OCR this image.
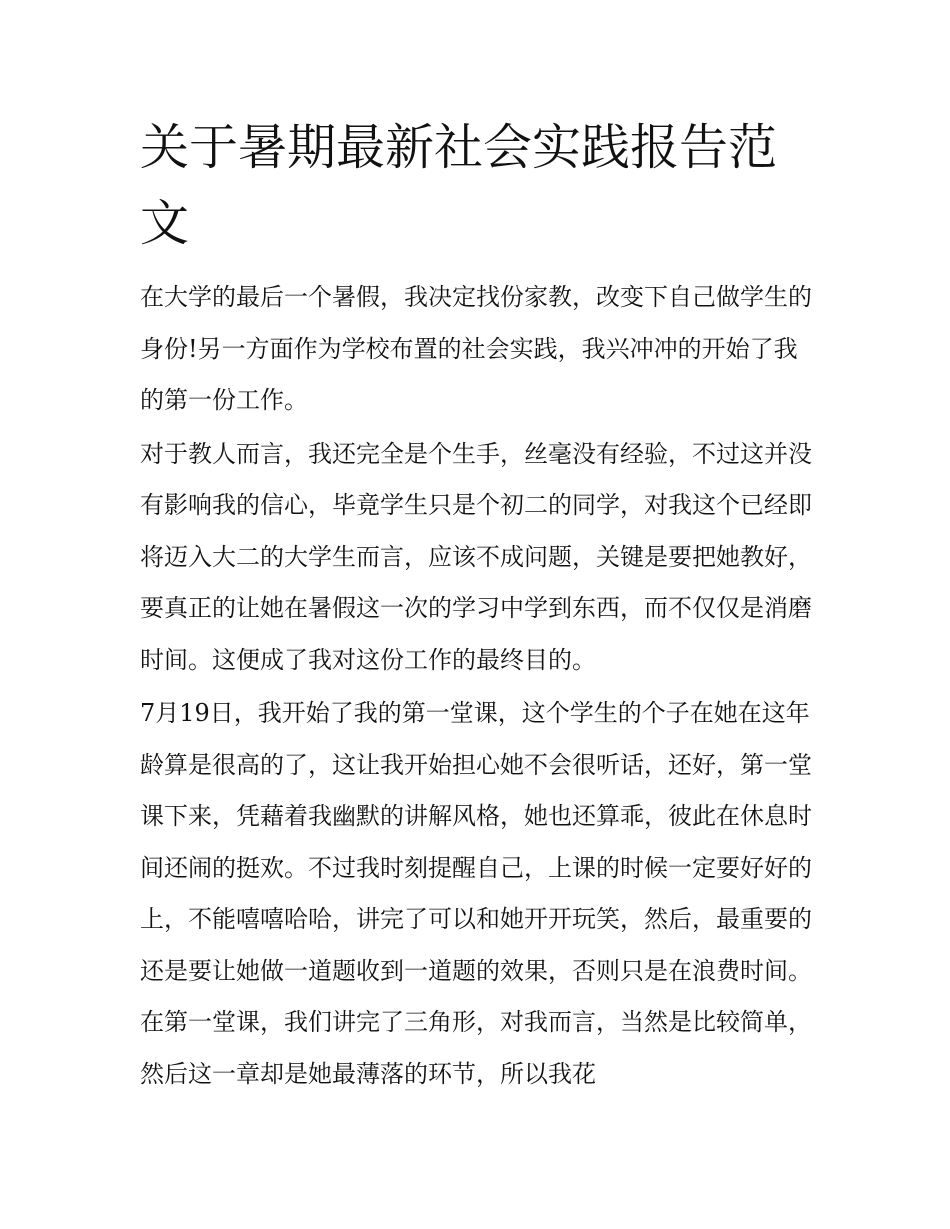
关于暑期最新社会实践报告范文

在大学的最后一个暑假，我决定找份家教，改变下自己做学生的身份!另一方面作为学校布置的社会实践，我兴冲冲的开始了我的第一份工作。

对于教人而言，我还完全是个生手，丝毫没有经验，不过这并没有影响我的信心，毕竟学生只是个初二的同学，对我这个已经即将迈入大二的大学生而言，应该不成问题，关键是要把她教好，要真正的让她在暑假这一次的学习中学到东西，而不仅仅是消磨时间。这便成了我对这份工作的最终目的。

7月19日，我开始了我的第一堂课，这个学生的个子在她在这年龄算是很高的了，这让我开始担心她不会很听话，还好，第一堂课下来，凭藉着我幽默的讲解风格，她也还算乖，彼此在休息时间还闹的挺欢。不过我时刻提醒自己，上课的时候一定要好好的上，不能嘻嘻哈哈，讲完了可以和她开开玩笑，然后，最重要的还是要让她做一道题收到一道题的效果，否则只是在浪费时间。在第一堂课，我们讲完了三角形，对我而言，当然是比较简单，然后这一章却是她最薄落的环节，所以我花
